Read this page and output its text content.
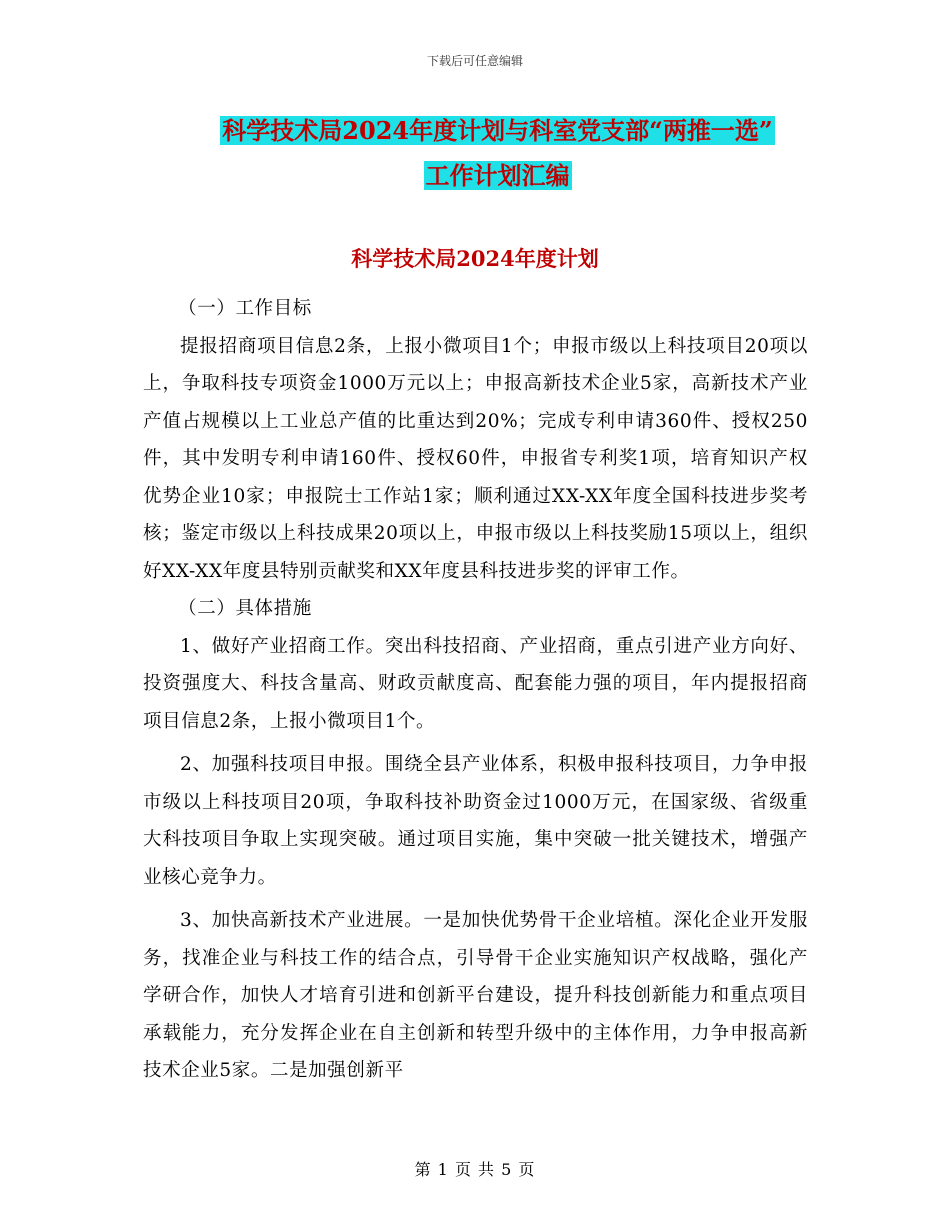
下载后可任意编辑
科学技术局2024年度计划与科室党支部“两推一选”
工作计划汇编
科学技术局2024年度计划

（一）工作目标

提报招商项目信息2条，上报小微项目1个；申报市级以上科技项目20项以上，争取科技专项资金1000万元以上；申报高新技术企业5家，高新技术产业产值占规模以上工业总产值的比重达到20%；完成专利申请360件、授权250件，其中发明专利申请160件、授权60件，申报省专利奖1项，培育知识产权优势企业10家；申报院士工作站1家；顺利通过XX-XX年度全国科技进步奖考核；鉴定市级以上科技成果20项以上，申报市级以上科技奖励15项以上，组织好XX-XX年度县特别贡献奖和XX年度县科技进步奖的评审工作。

（二）具体措施

1、做好产业招商工作。突出科技招商、产业招商，重点引进产业方向好、投资强度大、科技含量高、财政贡献度高、配套能力强的项目，年内提报招商项目信息2条，上报小微项目1个。

2、加强科技项目申报。围绕全县产业体系，积极申报科技项目，力争申报市级以上科技项目20项，争取科技补助资金过1000万元，在国家级、省级重大科技项目争取上实现突破。通过项目实施，集中突破一批关键技术，增强产业核心竞争力。

3、加快高新技术产业进展。一是加快优势骨干企业培植。深化企业开发服务，找准企业与科技工作的结合点，引导骨干企业实施知识产权战略，强化产学研合作，加快人才培育引进和创新平台建设，提升科技创新能力和重点项目承载能力，充分发挥企业在自主创新和转型升级中的主体作用，力争申报高新技术企业5家。二是加强创新平

第 1 页 共 5 页
